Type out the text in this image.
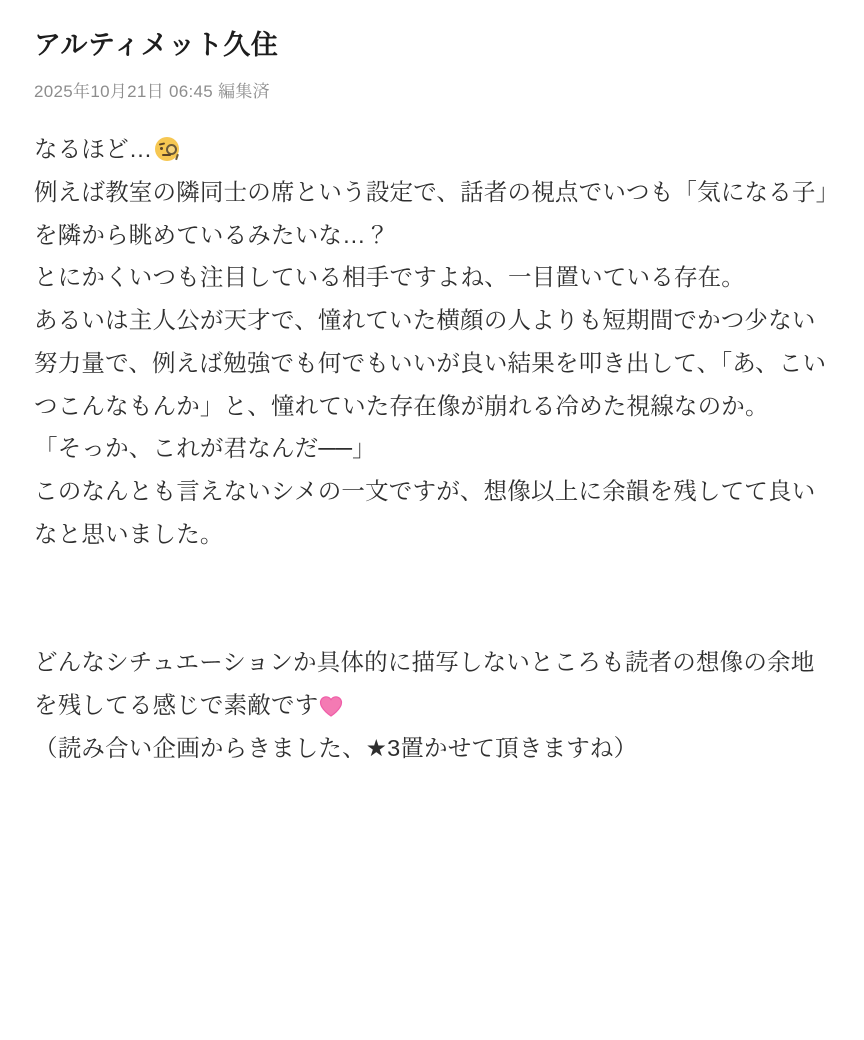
アルティメット久住
2025年10月21日 06:45 編集済

なるほど…

例えば教室の隣同士の席という設定で、話者の視点でいつも「気になる子」を隣から眺めているみたいな…？

とにかくいつも注目している相手ですよね、一目置いている存在。

あるいは主人公が天才で、憧れていた横顔の人よりも短期間でかつ少ない努力量で、例えば勉強でも何でもいいが良い結果を叩き出して、「あ、こいつこんなもんか」と、憧れていた存在像が崩れる冷めた視線なのか。

「そっか、これが君なんだ──」

このなんとも言えないシメの一文ですが、想像以上に余韻を残してて良いなと思いました。

どんなシチュエーションか具体的に描写しないところも読者の想像の余地を残してる感じで素敵です

（読み合い企画からきました、★3置かせて頂きますね）
